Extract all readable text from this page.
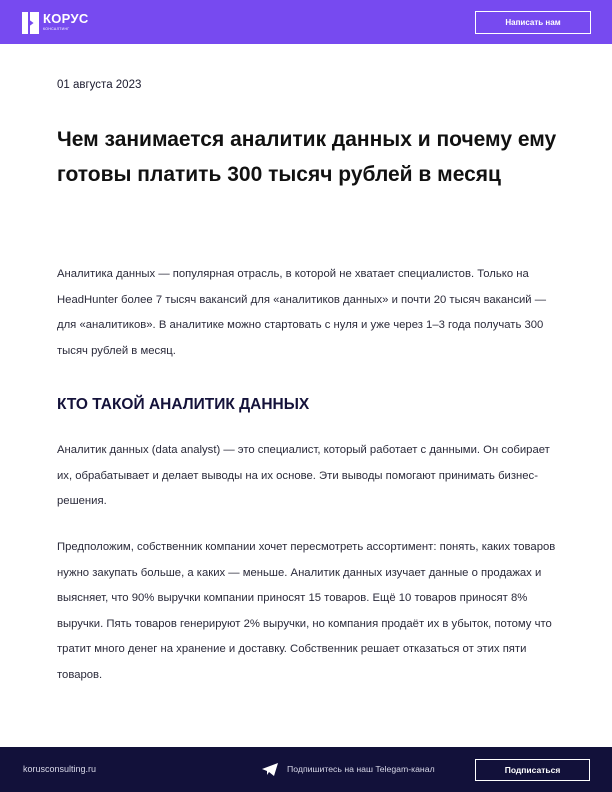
КОРУС
КОНСАЛТИНГ
Написать нам
01 августа 2023
Чем занимается аналитик данных и почему ему готовы платить 300 тысяч рублей в месяц
Аналитика данных — популярная отрасль, в которой не хватает специалистов. Только на HeadHunter более 7 тысяч вакансий для «аналитиков данных» и почти 20 тысяч вакансий — для «аналитиков». В аналитике можно стартовать с нуля и уже через 1–3 года получать 300 тысяч рублей в месяц.
КТО ТАКОЙ АНАЛИТИК ДАННЫХ
Аналитик данных (data analyst) — это специалист, который работает с данными. Он собирает их, обрабатывает и делает выводы на их основе. Эти выводы помогают принимать бизнес-решения.
Предположим, собственник компании хочет пересмотреть ассортимент: понять, каких товаров нужно закупать больше, а каких — меньше. Аналитик данных изучает данные о продажах и выясняет, что 90% выручки компании приносят 15 товаров. Ещё 10 товаров приносят 8% выручки. Пять товаров генерируют 2% выручки, но компания продаёт их в убыток, потому что тратит много денег на хранение и доставку. Собственник решает отказаться от этих пяти товаров.
korusconsulting.ru	Подпишитесь на наш Telegam-канал	Подписаться
